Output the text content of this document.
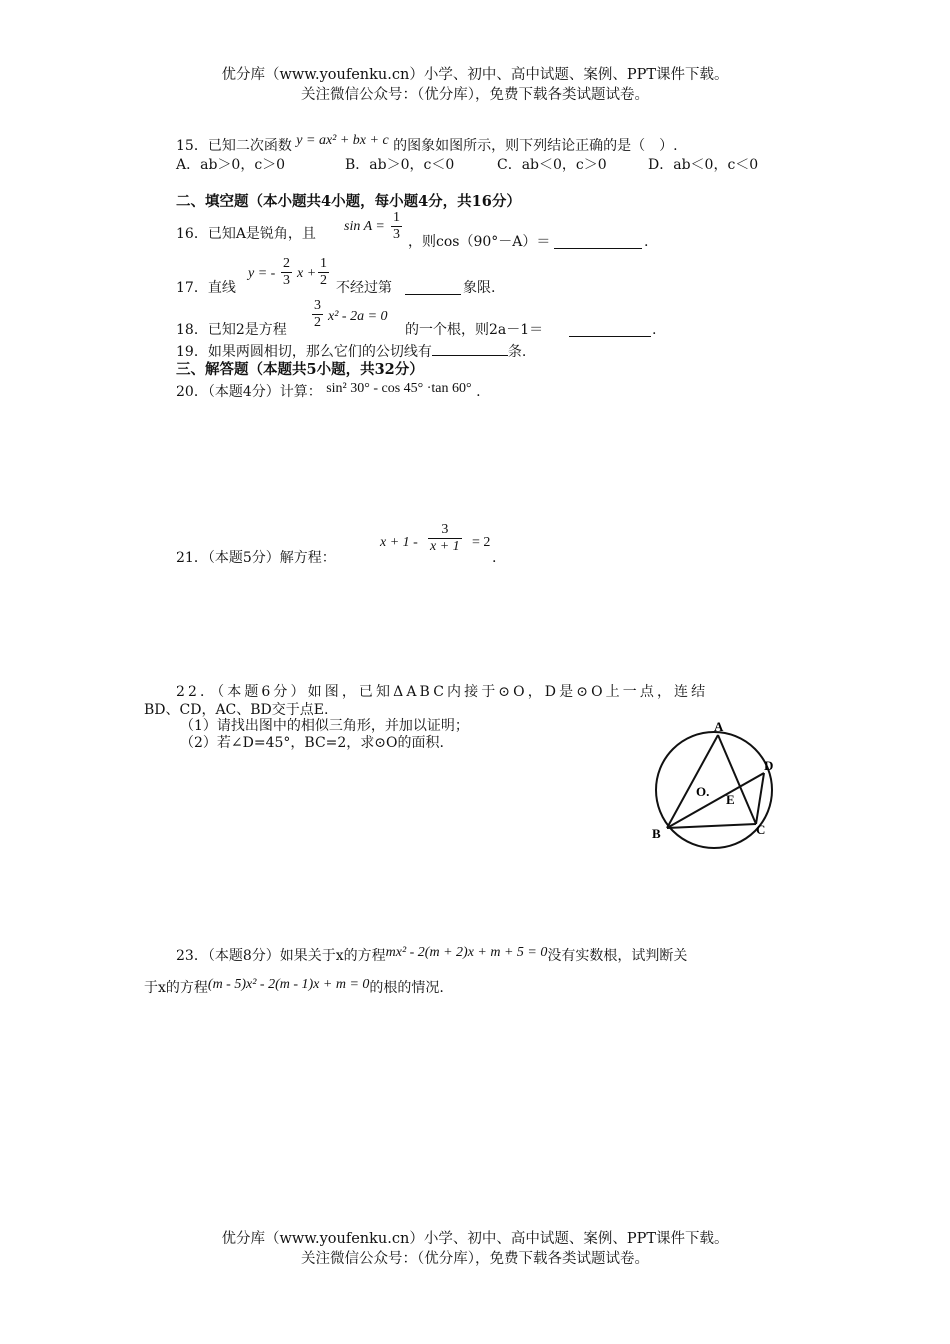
优分库（www.youfenku.cn）小学、初中、高中试题、案例、PPT课件下载。
关注微信公众号：（优分库），免费下载各类试题试卷。
15．已知二次函数 y = ax² + bx + c 的图象如图所示，则下列结论正确的是（　）.
A．ab＞0，c＞0	B．ab＞0，c＜0	C．ab＜0，c＞0	D．ab＜0，c＜0
二、填空题（本小题共4小题，每小题4分，共16分）
16．已知A是锐角，且 $\sin A = \frac{1}{3}$ ，则cos（90°－A）＝	.
17．直线
y = - $\frac{2}{3}$ $x + \frac{1}{2}$ 不经过第	象限.
18．已知2是方程 $\frac{3}{2} x^2 - 2a = 0$
的一个根，则2a－1＝	.
19．如果两圆相切，那么它们的公切线有	条.
三、解答题（本题共5小题，共32分）
20．（本题4分）计算： sin² 30° - cos 45° ·tan 60° .
21．（本题5分）解方程：
$x + 1 - \frac{3}{x + 1} = 2$
.
22．（本题6分）如图，已知ΔABC内接于⊙O，D是⊙O上一点，连结
BD、CD，AC、BD交于点E.
（1）请找出图中的相似三角形，并加以证明；
（2）若∠D=45°，BC=2，求⊙O的面积.
A
B	C
D
E
O.
23．（本题8分）如果关于x的方程mx² - 2(m + 2)x + m + 5 = 0没有实数根，试判断关
于x的方程(m - 5)x² - 2(m - 1)x + m = 0的根的情况.
优分库（www.youfenku.cn）小学、初中、高中试题、案例、PPT课件下载。
关注微信公众号：（优分库），免费下载各类试题试卷。
